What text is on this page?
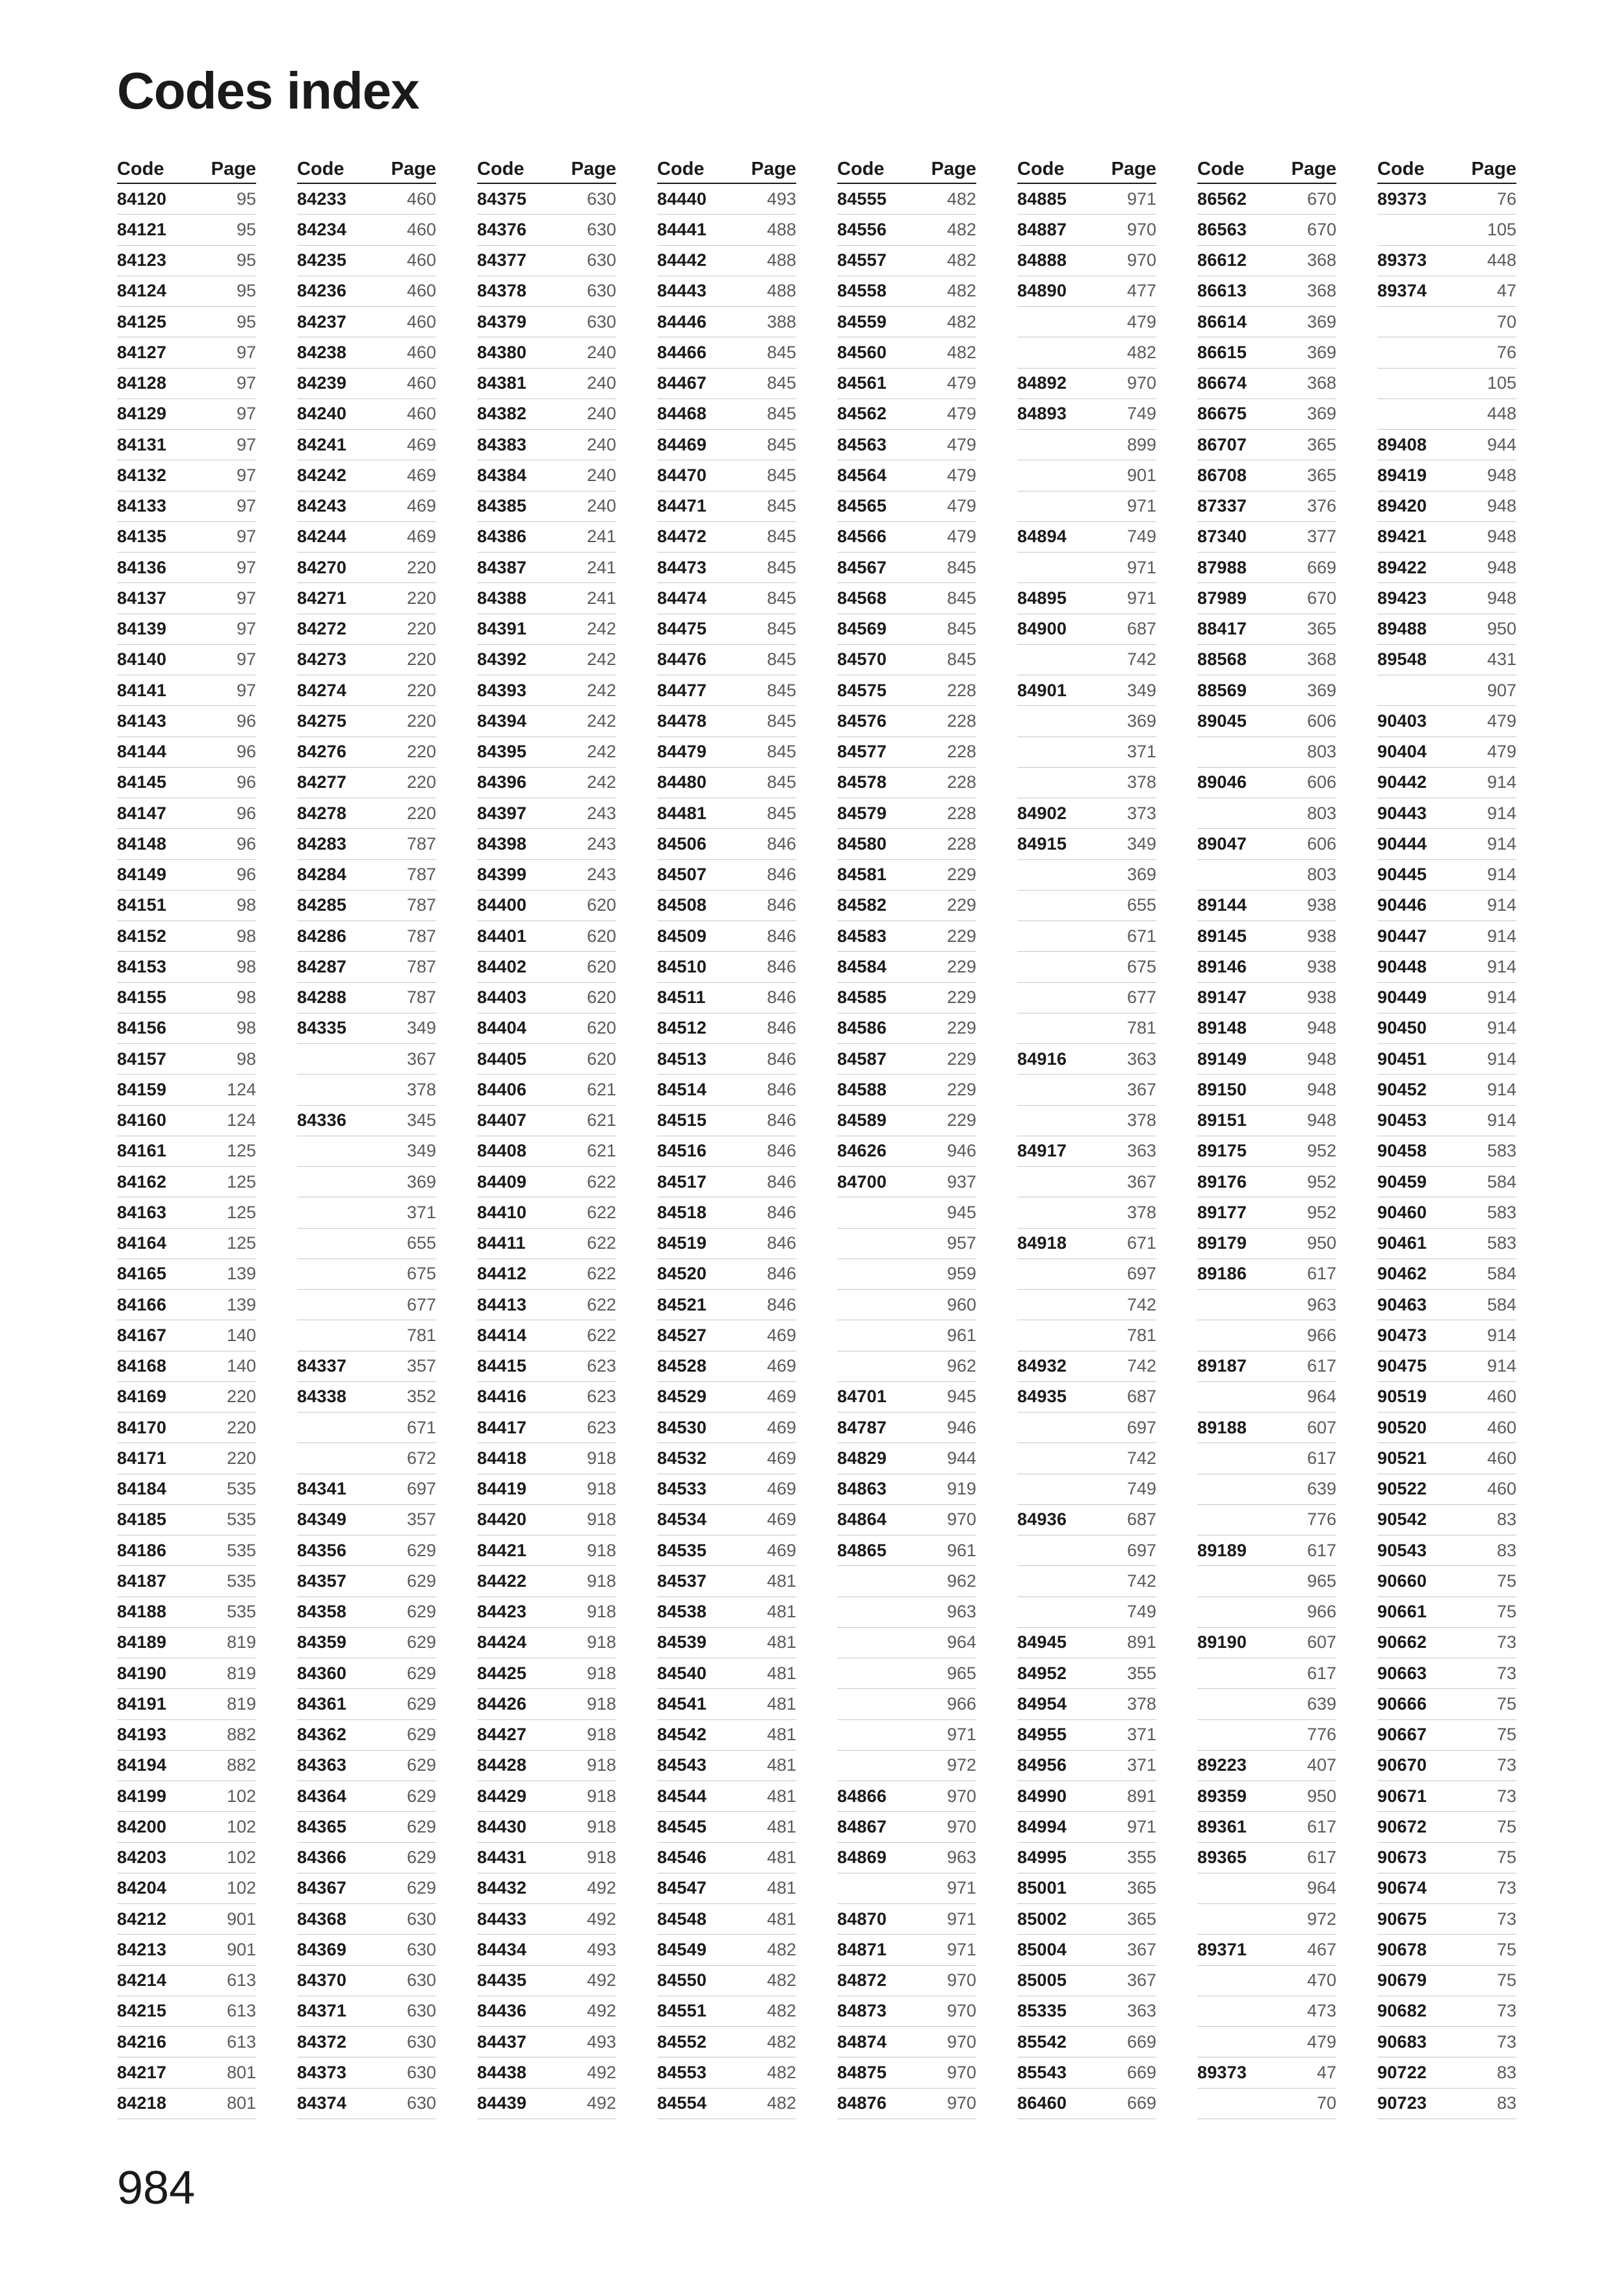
Codes index
Code Page
84120	95
84121	95
84123	95
84124	95
84125	95
84127	97
84128	97
84129	97
84131	97
84132	97
84133	97
84135	97
84136	97
84137	97
84139	97
84140	97
84141	97
84143	96
84144	96
84145	96
84147	96
84148	96
84149	96
84151	98
84152	98
84153	98
84155	98
84156	98
84157	98
84159	124
84160	124
84161	125
84162	125
84163	125
84164	125
84165	139
84166	139
84167	140
84168	140
84169	220
84170	220
84171	220
84184	535
84185	535
84186	535
84187	535
84188	535
84189	819
84190	819
84191	819
84193	882
84194	882
84199	102
84200	102
84203	102
84204	102
84212	901
84213	901
84214	613
84215	613
84216	613
84217	801
84218	801
Code Page
84233	460
84234	460
84235	460
84236	460
84237	460
84238	460
84239	460
84240	460
84241	469
84242	469
84243	469
84244	469
84270	220
84271	220
84272	220
84273	220
84274	220
84275	220
84276	220
84277	220
84278	220
84283	787
84284	787
84285	787
84286	787
84287	787
84288	787
84335	349
367
378
84336	345
349
369
371
655
675
677
781
84337	357
84338	352
671
672
84341	697
84349	357
84356	629
84357	629
84358	629
84359	629
84360	629
84361	629
84362	629
84363	629
84364	629
84365	629
84366	629
84367	629
84368	630
84369	630
84370	630
84371	630
84372	630
84373	630
84374	630
Code Page
84375	630
84376	630
84377	630
84378	630
84379	630
84380	240
84381	240
84382	240
84383	240
84384	240
84385	240
84386	241
84387	241
84388	241
84391	242
84392	242
84393	242
84394	242
84395	242
84396	242
84397	243
84398	243
84399	243
84400	620
84401	620
84402	620
84403	620
84404	620
84405	620
84406	621
84407	621
84408	621
84409	622
84410	622
84411	622
84412	622
84413	622
84414	622
84415	623
84416	623
84417	623
84418	918
84419	918
84420	918
84421	918
84422	918
84423	918
84424	918
84425	918
84426	918
84427	918
84428	918
84429	918
84430	918
84431	918
84432	492
84433	492
84434	493
84435	492
84436	492
84437	493
84438	492
84439	492
Code Page
84440	493
84441	488
84442	488
84443	488
84446	388
84466	845
84467	845
84468	845
84469	845
84470	845
84471	845
84472	845
84473	845
84474	845
84475	845
84476	845
84477	845
84478	845
84479	845
84480	845
84481	845
84506	846
84507	846
84508	846
84509	846
84510	846
84511	846
84512	846
84513	846
84514	846
84515	846
84516	846
84517	846
84518	846
84519	846
84520	846
84521	846
84527	469
84528	469
84529	469
84530	469
84532	469
84533	469
84534	469
84535	469
84537	481
84538	481
84539	481
84540	481
84541	481
84542	481
84543	481
84544	481
84545	481
84546	481
84547	481
84548	481
84549	482
84550	482
84551	482
84552	482
84553	482
84554	482
Code Page
84555	482
84556	482
84557	482
84558	482
84559	482
84560	482
84561	479
84562	479
84563	479
84564	479
84565	479
84566	479
84567	845
84568	845
84569	845
84570	845
84575	228
84576	228
84577	228
84578	228
84579	228
84580	228
84581	229
84582	229
84583	229
84584	229
84585	229
84586	229
84587	229
84588	229
84589	229
84626	946
84700	937
945
957
959
960
961
962
84701	945
84787	946
84829	944
84863	919
84864	970
84865	961
962
963
964
965
966
971
972
84866	970
84867	970
84869	963
971
84870	971
84871	971
84872	970
84873	970
84874	970
84875	970
84876	970
Code Page
84885	971
84887	970
84888	970
84890	477
479
482
84892	970
84893	749
899
901
971
84894	749
971
84895	971
84900	687
742
84901	349
369
371
378
84902	373
84915	349
369
655
671
675
677
781
84916	363
367
378
84917	363
367
378
84918	671
697
742
781
84932	742
84935	687
697
742
749
84936	687
697
742
749
84945	891
84952	355
84954	378
84955	371
84956	371
84990	891
84994	971
84995	355
85001	365
85002	365
85004	367
85005	367
85335	363
85542	669
85543	669
86460	669
Code Page
86562	670
86563	670
86612	368
86613	368
86614	369
86615	369
86674	368
86675	369
86707	365
86708	365
87337	376
87340	377
87988	669
87989	670
88417	365
88568	368
88569	369
89045	606
803
89046	606
803
89047	606
803
89144	938
89145	938
89146	938
89147	938
89148	948
89149	948
89150	948
89151	948
89175	952
89176	952
89177	952
89179	950
89186	617
963
966
89187	617
964
89188	607
617
639
776
89189	617
965
966
89190	607
617
639
776
89223	407
89359	950
89361	617
89365	617
964
972
89371	467
470
473
479
89373	47
70
Code Page
89373	76
105
89373	448
89374	47
70
76
105
448
89408	944
89419	948
89420	948
89421	948
89422	948
89423	948
89488	950
89548	431
907
90403	479
90404	479
90442	914
90443	914
90444	914
90445	914
90446	914
90447	914
90448	914
90449	914
90450	914
90451	914
90452	914
90453	914
90458	583
90459	584
90460	583
90461	583
90462	584
90463	584
90473	914
90475	914
90519	460
90520	460
90521	460
90522	460
90542	83
90543	83
90660	75
90661	75
90662	73
90663	73
90666	75
90667	75
90670	73
90671	73
90672	75
90673	75
90674	73
90675	73
90678	75
90679	75
90682	73
90683	73
90722	83
90723	83

984
